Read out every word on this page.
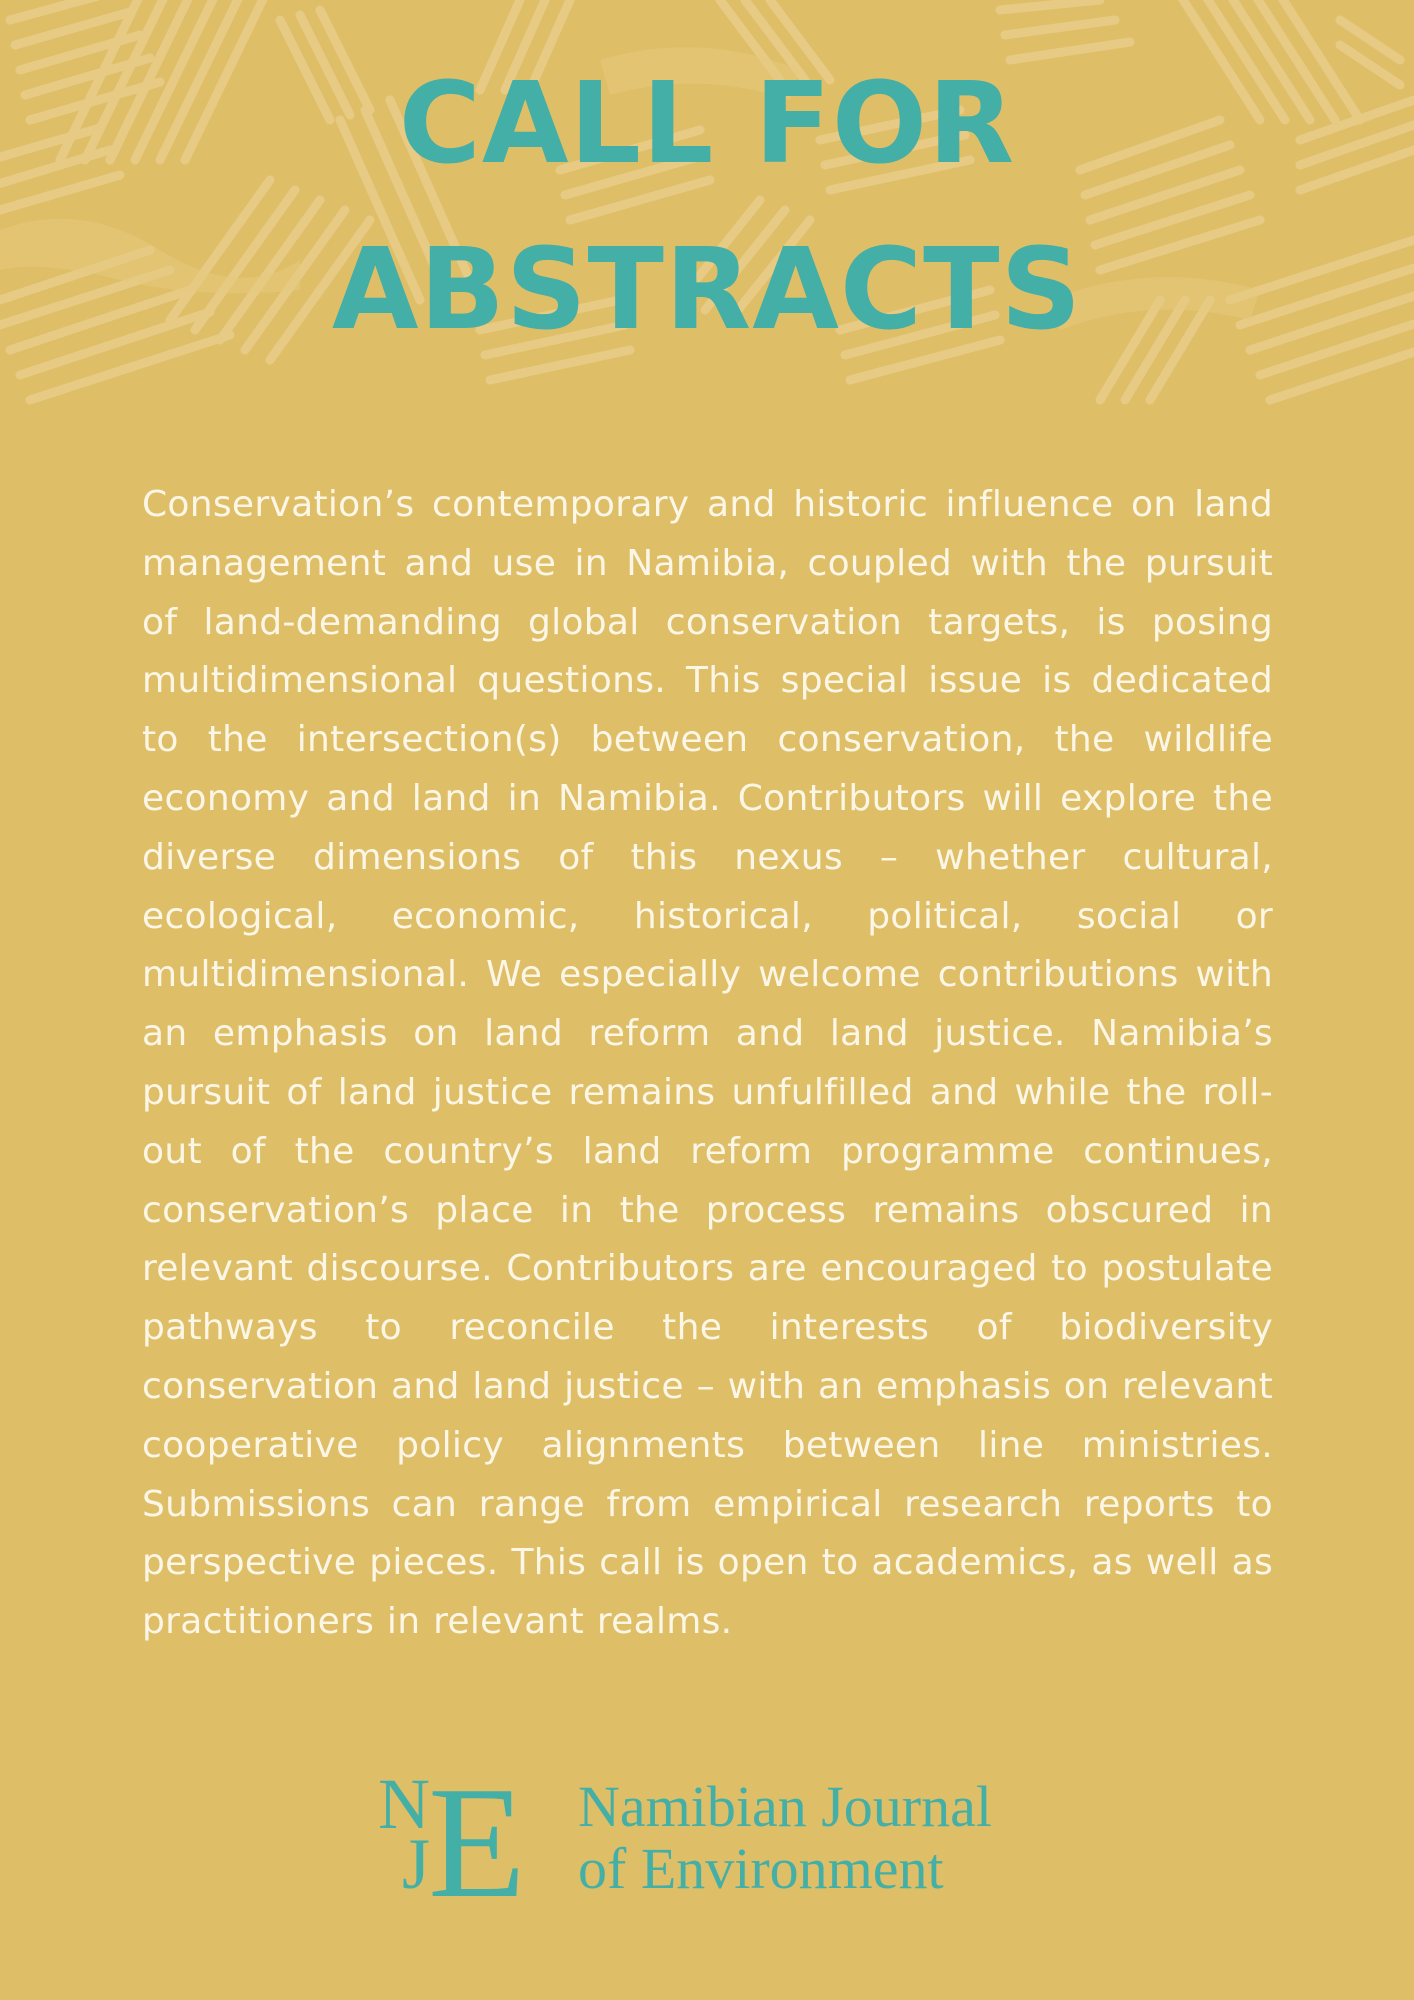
CALL FOR
ABSTRACTS

Conservation’s contemporary and historic influence on land management and use in Namibia, coupled with the pursuit of land-demanding global conservation targets, is posing multidimensional questions. This special issue is dedicated to the intersection(s) between conservation, the wildlife economy and land in Namibia. Contributors will explore the diverse dimensions of this nexus – whether cultural, ecological, economic, historical, political, social or multidimensional. We especially welcome contributions with an emphasis on land reform and land justice. Namibia’s pursuit of land justice remains unfulfilled and while the roll-out of the country’s land reform programme continues, conservation’s place in the process remains obscured in relevant discourse. Contributors are encouraged to postulate pathways to reconcile the interests of biodiversity conservation and land justice – with an emphasis on relevant cooperative policy alignments between line ministries. Submissions can range from empirical research reports to perspective pieces. This call is open to academics, as well as practitioners in relevant realms.

N
J
E Namibian Journal
of Environment
